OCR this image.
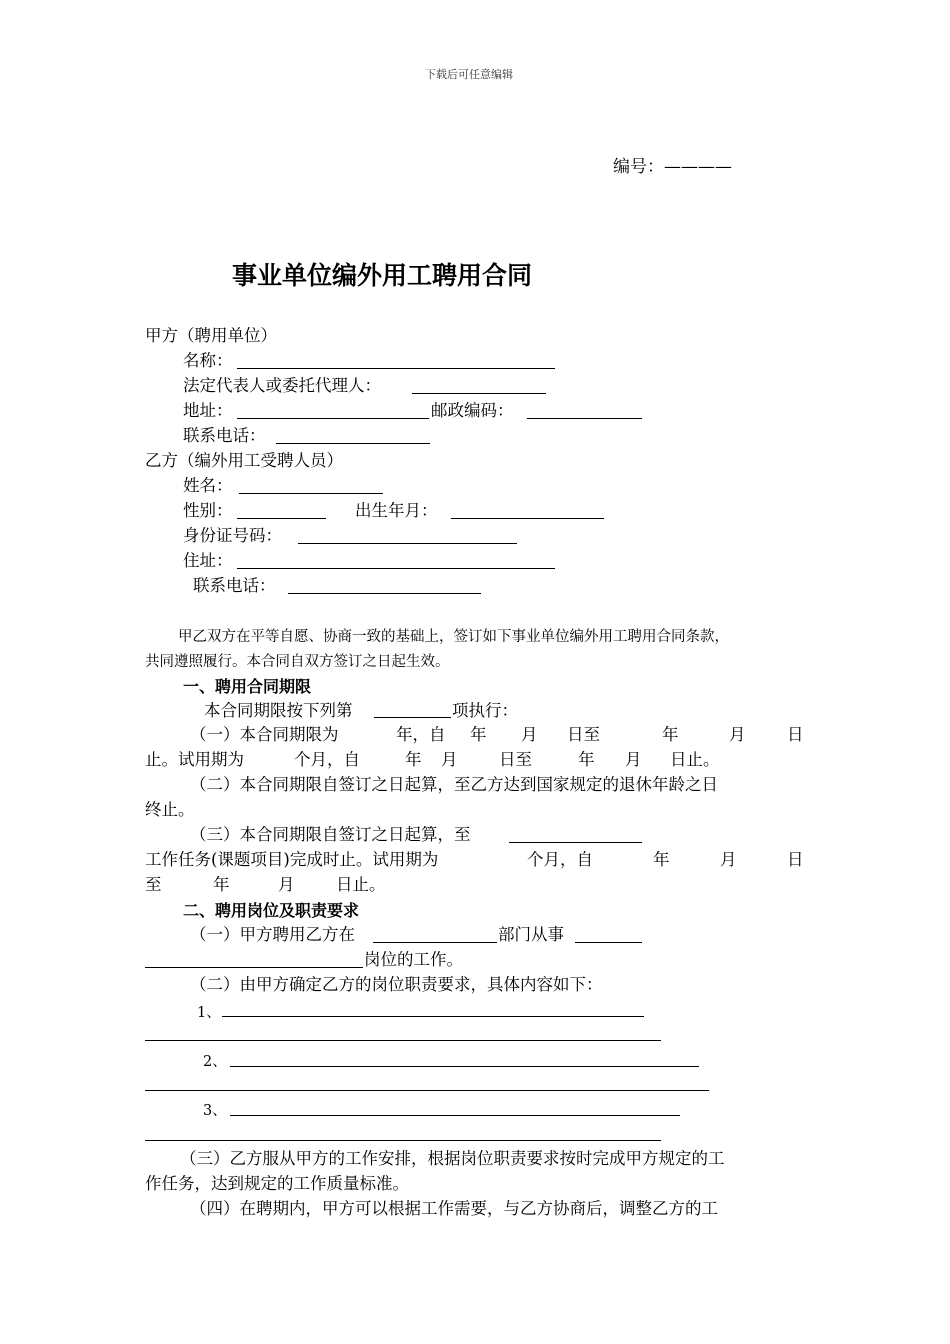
下载后可任意编辑
编号：————
事业单位编外用工聘用合同
甲方（聘用单位）
名称：
法定代表人或委托代理人：
地址：	邮政编码：
联系电话：
乙方（编外用工受聘人员）
姓名：
性别：	出生年月：
身份证号码：
住址：
联系电话：
甲乙双方在平等自愿、协商一致的基础上，签订如下事业单位编外用工聘用合同条款，
共同遵照履行。本合同自双方签订之日起生效。
一、聘用合同期限
本合同期限按下列第	项执行：
（一）本合同期限为	年，自 年 月 日至	年	月	日
止。试用期为	个月，自	年 月	日至	年 月 日止。
（二）本合同期限自签订之日起算，至乙方达到国家规定的退休年龄之日
终止。
（三）本合同期限自签订之日起算，至
工作任务(课题项目)完成时止。试用期为	个月，自	年	月	日
至	年	月	日止。
二、聘用岗位及职责要求
（一）甲方聘用乙方在	部门从事
岗位的工作。
（二）由甲方确定乙方的岗位职责要求，具体内容如下：
1、
2、
3、
（三）乙方服从甲方的工作安排，根据岗位职责要求按时完成甲方规定的工
作任务，达到规定的工作质量标准。
（四）在聘期内，甲方可以根据工作需要，与乙方协商后，调整乙方的工
